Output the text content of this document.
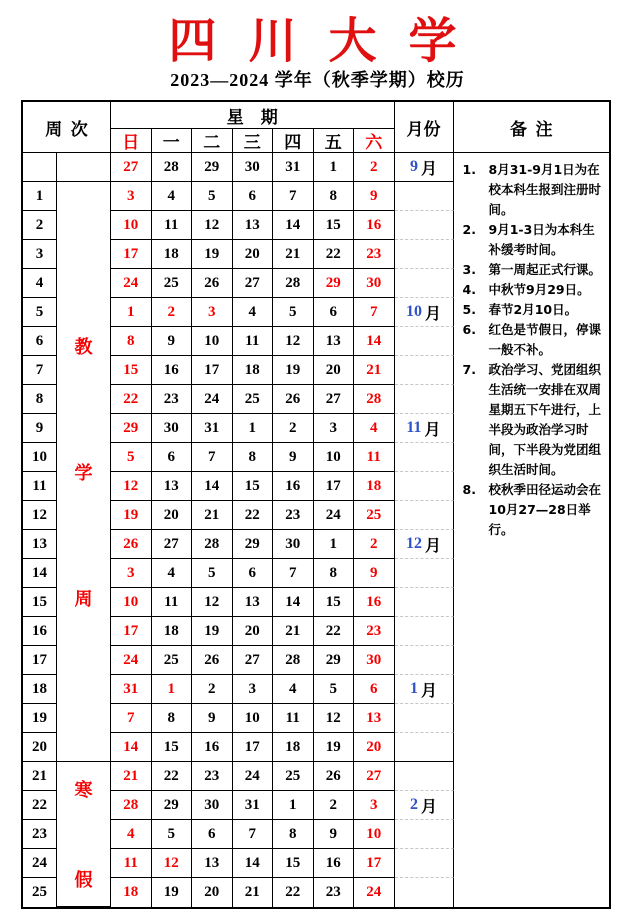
四 川 大 学
2023—2024 学年（秋季学期）校历
周  次
星    期
日	一	二	三	四	五	六
月份	备  注
27	28	29	30	31	1	2	9 月
1	3	4	5	6	7	8	9
2	10	11	12	13	14	15	16
3	17	18	19	20	21	22	23
4	24	25	26	27	28	29	30
5	1	2	3	4	5	6	7	10 月
6	8	9	10	11	12	13	14
7	15	16	17	18	19	20	21
8	22	23	24	25	26	27	28
9	29	30	31	1	2	3	4	11 月
10	5	6	7	8	9	10	11
11	12	13	14	15	16	17	18
12	19	20	21	22	23	24	25
13	26	27	28	29	30	1	2	12 月
14	3	4	5	6	7	8	9
15	10	11	12	13	14	15	16
16	17	18	19	20	21	22	23
17	24	25	26	27	28	29	30
18	31	1	2	3	4	5	6	1 月
19	7	8	9	10	11	12	13
20	14	15	16	17	18	19	20
21	21	22	23	24	25	26	27
22	28	29	30	31	1	2	3	2 月
23	4	5	6	7	8	9	10
24	11	12	13	14	15	16	17
25	18	19	20	21	22	23	24
教
学
周
寒
假
1. 8月31-9月1日为在校本科生报到注册时间。
2. 9月1-3日为本科生补缓考时间。
3. 第一周起正式行课。
4. 中秋节9月29日。
5. 春节2月10日。
6. 红色是节假日，停课一般不补。
7. 政治学习、党团组织生活统一安排在双周星期五下午进行，上半段为政治学习时间，下半段为党团组织生活时间。
8. 校秋季田径运动会在10月27—28日举行。
